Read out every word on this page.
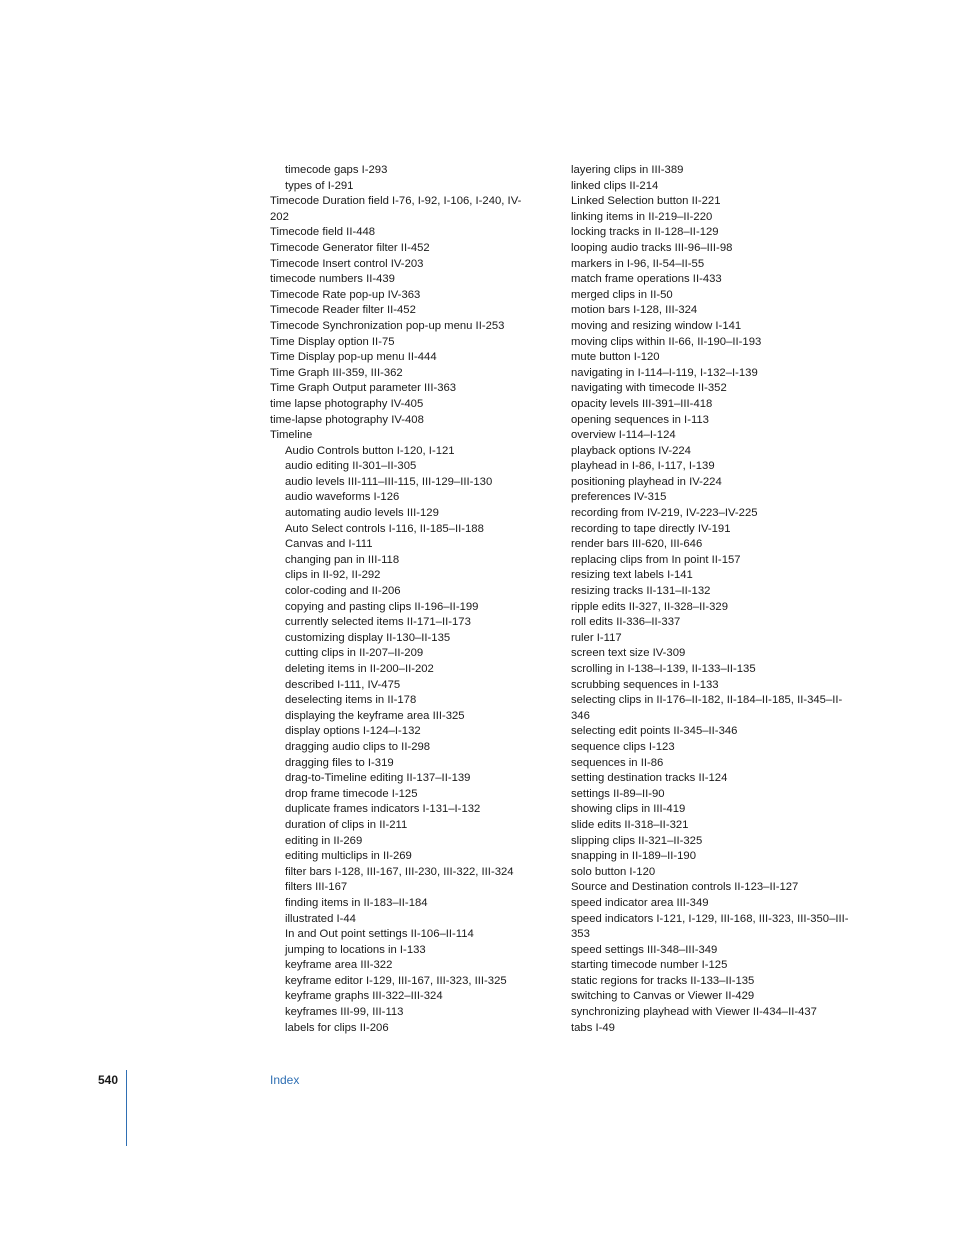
timecode gaps I-293
types of I-291
Timecode Duration field I-76, I-92, I-106, I-240, IV-202
Timecode field II-448
Timecode Generator filter II-452
Timecode Insert control IV-203
timecode numbers II-439
Timecode Rate pop-up IV-363
Timecode Reader filter II-452
Timecode Synchronization pop-up menu II-253
Time Display option II-75
Time Display pop-up menu II-444
Time Graph III-359, III-362
Time Graph Output parameter III-363
time lapse photography IV-405
time-lapse photography IV-408
Timeline
Audio Controls button I-120, I-121
audio editing II-301–II-305
audio levels III-111–III-115, III-129–III-130
audio waveforms I-126
automating audio levels III-129
Auto Select controls I-116, II-185–II-188
Canvas and I-111
changing pan in III-118
clips in II-92, II-292
color-coding and II-206
copying and pasting clips II-196–II-199
currently selected items II-171–II-173
customizing display II-130–II-135
cutting clips in II-207–II-209
deleting items in II-200–II-202
described I-111, IV-475
deselecting items in II-178
displaying the keyframe area III-325
display options I-124–I-132
dragging audio clips to II-298
dragging files to I-319
drag-to-Timeline editing II-137–II-139
drop frame timecode I-125
duplicate frames indicators I-131–I-132
duration of clips in II-211
editing in II-269
editing multiclips in II-269
filter bars I-128, III-167, III-230, III-322, III-324
filters III-167
finding items in II-183–II-184
illustrated I-44
In and Out point settings II-106–II-114
jumping to locations in I-133
keyframe area III-322
keyframe editor I-129, III-167, III-323, III-325
keyframe graphs III-322–III-324
keyframes III-99, III-113
labels for clips II-206
layering clips in III-389
linked clips II-214
Linked Selection button II-221
linking items in II-219–II-220
locking tracks in II-128–II-129
looping audio tracks III-96–III-98
markers in I-96, II-54–II-55
match frame operations II-433
merged clips in II-50
motion bars I-128, III-324
moving and resizing window I-141
moving clips within II-66, II-190–II-193
mute button I-120
navigating in I-114–I-119, I-132–I-139
navigating with timecode II-352
opacity levels III-391–III-418
opening sequences in I-113
overview I-114–I-124
playback options IV-224
playhead in I-86, I-117, I-139
positioning playhead in IV-224
preferences IV-315
recording from IV-219, IV-223–IV-225
recording to tape directly IV-191
render bars III-620, III-646
replacing clips from In point II-157
resizing text labels I-141
resizing tracks II-131–II-132
ripple edits II-327, II-328–II-329
roll edits II-336–II-337
ruler I-117
screen text size IV-309
scrolling in I-138–I-139, II-133–II-135
scrubbing sequences in I-133
selecting clips in II-176–II-182, II-184–II-185, II-345–II-346
selecting edit points II-345–II-346
sequence clips I-123
sequences in II-86
setting destination tracks II-124
settings II-89–II-90
showing clips in III-419
slide edits II-318–II-321
slipping clips II-321–II-325
snapping in II-189–II-190
solo button I-120
Source and Destination controls II-123–II-127
speed indicator area III-349
speed indicators I-121, I-129, III-168, III-323, III-350–III-353
speed settings III-348–III-349
starting timecode number I-125
static regions for tracks II-133–II-135
switching to Canvas or Viewer II-429
synchronizing playhead with Viewer II-434–II-437
tabs I-49
540	Index
